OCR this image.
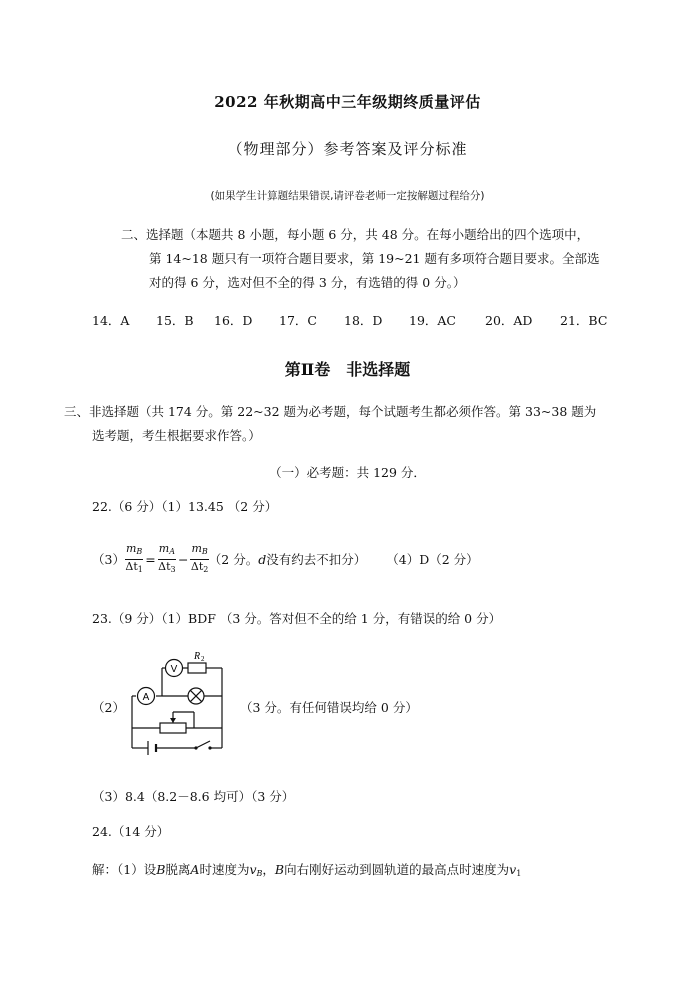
2022 年秋期高中三年级期终质量评估
（物理部分）参考答案及评分标准
(如果学生计算题结果错误,请评卷老师一定按解题过程给分)
二、选择题（本题共 8 小题，每小题 6 分，共 48 分。在每小题给出的四个选项中，
第 14~18 题只有一项符合题目要求，第 19~21 题有多项符合题目要求。全部选
对的得 6 分，选对但不全的得 3 分，有选错的得 0 分。）
14．A 15．B 16．D 17．C 18．D 19．AC 20．AD 21．BC
第Ⅱ卷　非选择题
三、非选择题（共 174 分。第 22~32 题为必考题，每个试题考生都必须作答。第 33~38 题为
选考题，考生根据要求作答。）
（一）必考题：共 129 分．
22.（6 分）（1）13.45 （2 分）
$(3) \frac{m_B}{\Delta t_1} = \frac{m_A}{\Delta t_3} - \frac{m_B}{\Delta t_2} (2$ 分。 d 没有约去不扣分） （4）D（2 分）
23.（9 分）（1）BDF （3 分。答对但不全的给 1 分，有错误的给 0 分）
（2）
A
V
R 2
（3 分。有任何错误均给 0 分）
（3）8.4（8.2－8.6 均可）（3 分）
24.（14 分）
解：（1）设B脱离A时速度为$v_B$，B向右刚好运动到圆轨道的最高点时速度为$v_1$
